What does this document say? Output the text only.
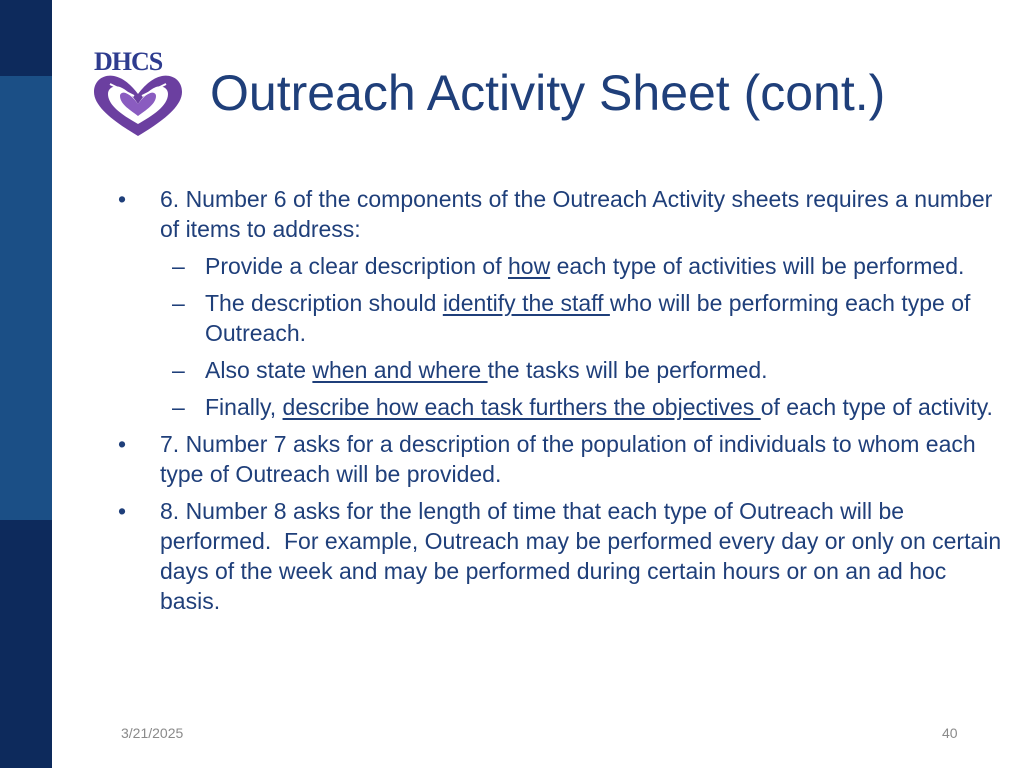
DHCS
Outreach Activity Sheet (cont.)
• 6. Number 6 of the components of the Outreach Activity sheets requires a number of items to address:
– Provide a clear description of how each type of activities will be performed.
– The description should identify the staff who will be performing each type of Outreach.
– Also state when and where the tasks will be performed.
– Finally, describe how each task furthers the objectives of each type of activity.
• 7. Number 7 asks for a description of the population of individuals to whom each type of Outreach will be provided.
• 8. Number 8 asks for the length of time that each type of Outreach will be performed.  For example, Outreach may be performed every day or only on certain days of the week and may be performed during certain hours or on an ad hoc basis.
3/21/2025	40
